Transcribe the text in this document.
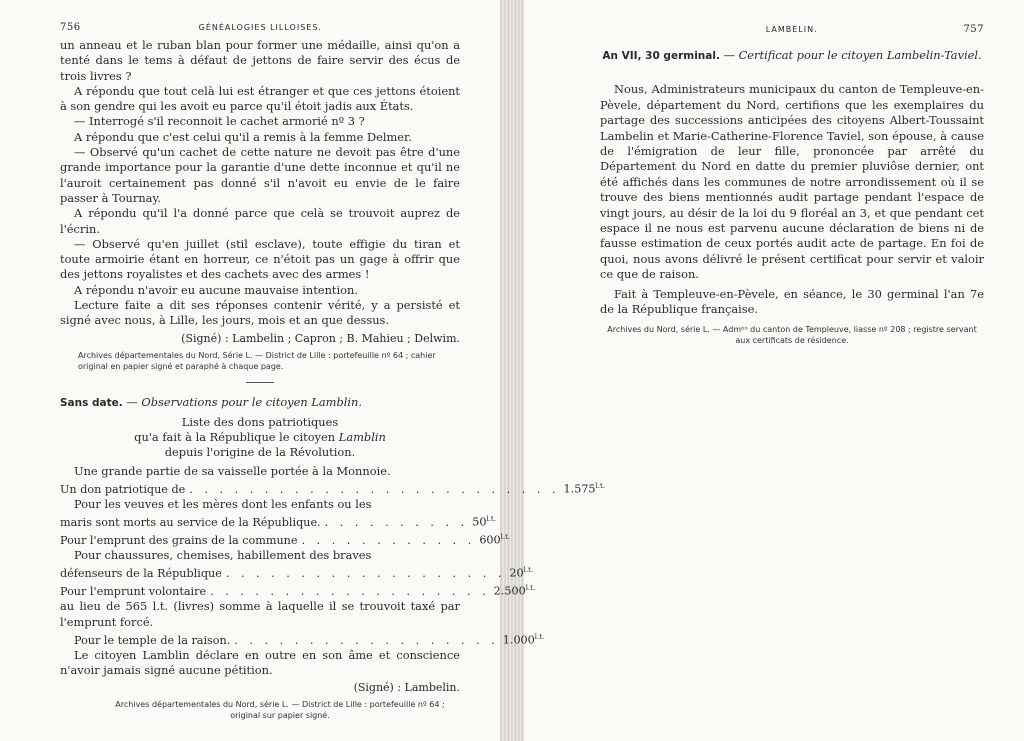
756	GÉNÉALOGIES LILLOISES.

un anneau et le ruban blan pour former une médaille, ainsi qu'on a tenté dans le tems à défaut de jettons de faire servir des écus de trois livres ?

A répondu que tout celà lui est étranger et que ces jettons étoient à son gendre qui les avoit eu parce qu'il étoit jadis aux États.

— Interrogé s'il reconnoit le cachet armorié nº 3 ?

A répondu que c'est celui qu'il a remis à la femme Delmer.

— Observé qu'un cachet de cette nature ne devoit pas être d'une grande importance pour la garantie d'une dette inconnue et qu'il ne l'auroit certainement pas donné s'il n'avoit eu envie de le faire passer à Tournay.

A répondu qu'il l'a donné parce que celà se trouvoit auprez de l'écrin.

— Observé qu'en juillet (stil esclave), toute effigie du tiran et toute armoirie étant en horreur, ce n'étoit pas un gage à offrir que des jettons royalistes et des cachets avec des armes !

A répondu n'avoir eu aucune mauvaise intention.

Lecture faite a dit ses réponses contenir vérité, y a persisté et signé avec nous, à Lille, les jours, mois et an que dessus.

(Signé) : Lambelin ; Capron ; B. Mahieu ; Delwim.
Archives départementales du Nord, Série L. — District de Lille : portefeuille nº 64 ; cahier original en papier signé et paraphé à chaque page.

Sans date. — Observations pour le citoyen Lamblin.

Liste des dons patriotiques
qu'a fait à la République le citoyen Lamblin
depuis l'origine de la Révolution.

Une grande partie de sa vaisselle portée à la Monnoie.

Un don patriotique de . . . . . . . . . . . . . . . . . . . . . . . . . $1.575^{l.t.}$

Pour les veuves et les mères dont les enfants ou les

maris sont morts au service de la République. . . . . . . . . . . $50^{l.t.}$
Pour l'emprunt des grains de la commune . . . . . . . . . . . . $600^{l.t.}$

Pour chaussures, chemises, habillement des braves

défenseurs de la République . . . . . . . . . . . . . . . . . . . $20^{l.t.}$
Pour l'emprunt volontaire . . . . . . . . . . . . . . . . . . . $2.500^{l.t.}$

au lieu de 565 l.t. (livres) somme à laquelle il se trouvoit taxé par l'emprunt forcé.

Pour le temple de la raison. . . . . . . . . . . . . . . . . . . $1.000^{l.t.}$

Le citoyen Lamblin déclare en outre en son âme et conscience n'avoir jamais signé aucune pétition.

(Signé) : Lambelin.
Archives départementales du Nord, série L. — District de Lille : portefeuille nº 64 ; original sur papier signé.
LAMBELIN.	757

An VII, 30 germinal. — Certificat pour le citoyen Lambelin-Taviel.

Nous, Administrateurs municipaux du canton de Templeuve-en-Pèvele, département du Nord, certifions que les exemplaires du partage des successions anticipées des citoyens Albert-Toussaint Lambelin et Marie-Catherine-Florence Taviel, son épouse, à cause de l'émigration de leur fille, prononcée par arrêté du Département du Nord en datte du premier pluviôse dernier, ont été affichés dans les communes de notre arrondissement où il se trouve des biens mentionnés audit partage pendant l'espace de vingt jours, au désir de la loi du 9 floréal an 3, et que pendant cet espace il ne nous est parvenu aucune déclaration de biens ni de fausse estimation de ceux portés audit acte de partage. En foi de quoi, nous avons délivré le présent certificat pour servir et valoir ce que de raison.

Fait à Templeuve-en-Pèvele, en séance, le 30 germinal l'an 7e de la République française.

Archives du Nord, série L. — Admᵒⁿ du canton de Templeuve, liasse nº 208 ; registre servant aux certificats de résidence.
